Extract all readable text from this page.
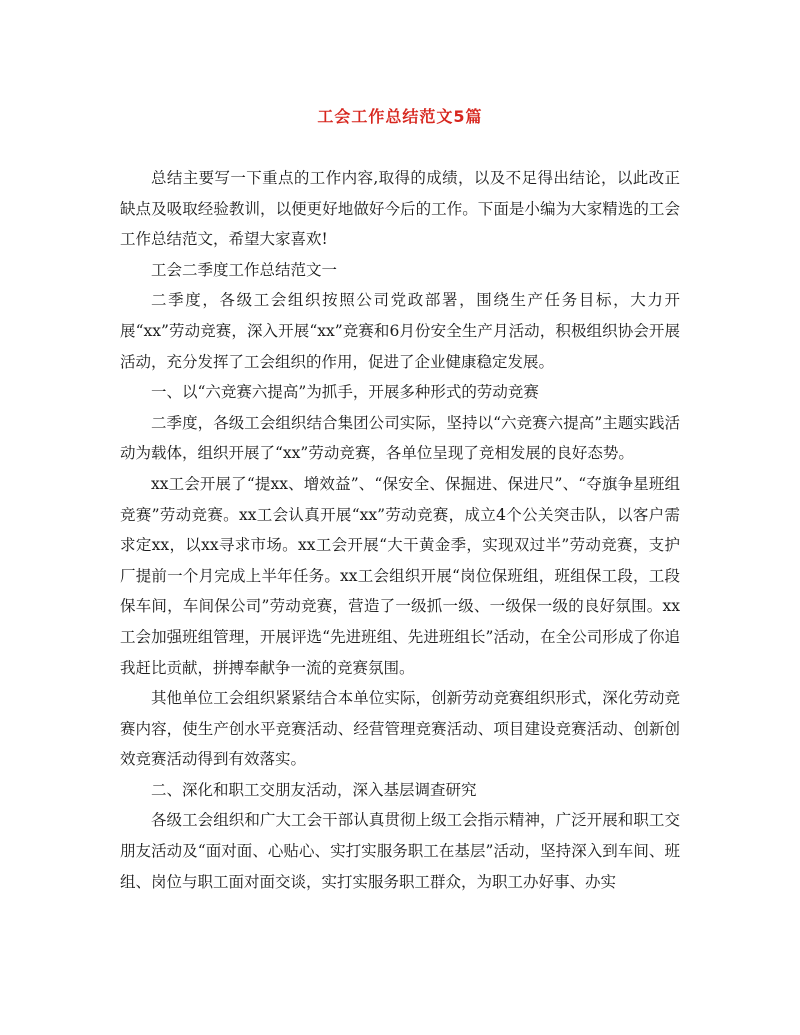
工会工作总结范文5篇

总结主要写一下重点的工作内容,取得的成绩，以及不足得出结论，以此改正缺点及吸取经验教训，以便更好地做好今后的工作。下面是小编为大家精选的工会工作总结范文，希望大家喜欢!

工会二季度工作总结范文一

二季度，各级工会组织按照公司党政部署，围绕生产任务目标，大力开展“xx”劳动竞赛，深入开展“xx”竞赛和6月份安全生产月活动，积极组织协会开展活动，充分发挥了工会组织的作用，促进了企业健康稳定发展。

一、以“六竞赛六提高”为抓手，开展多种形式的劳动竞赛

二季度，各级工会组织结合集团公司实际，坚持以“六竞赛六提高”主题实践活动为载体，组织开展了“xx”劳动竞赛，各单位呈现了竞相发展的良好态势。

xx工会开展了“提xx、增效益”、“保安全、保掘进、保进尺”、“夺旗争星班组竞赛”劳动竞赛。xx工会认真开展“xx”劳动竞赛，成立4个公关突击队，以客户需求定xx，以xx寻求市场。xx工会开展“大干黄金季，实现双过半”劳动竞赛，支护厂提前一个月完成上半年任务。xx工会组织开展“岗位保班组，班组保工段，工段保车间，车间保公司”劳动竞赛，营造了一级抓一级、一级保一级的良好氛围。xx工会加强班组管理，开展评选“先进班组、先进班组长”活动，在全公司形成了你追我赶比贡献，拼搏奉献争一流的竞赛氛围。

其他单位工会组织紧紧结合本单位实际，创新劳动竞赛组织形式，深化劳动竞赛内容，使生产创水平竞赛活动、经营管理竞赛活动、项目建设竞赛活动、创新创效竞赛活动得到有效落实。

二、深化和职工交朋友活动，深入基层调查研究

各级工会组织和广大工会干部认真贯彻上级工会指示精神，广泛开展和职工交朋友活动及“面对面、心贴心、实打实服务职工在基层”活动，坚持深入到车间、班组、岗位与职工面对面交谈，实打实服务职工群众，为职工办好事、办实
